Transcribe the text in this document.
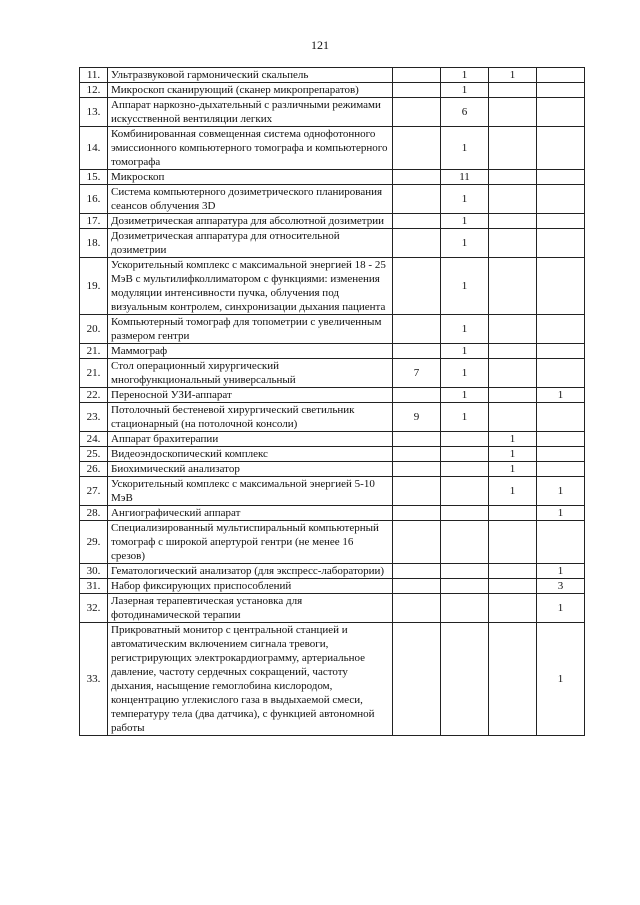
121
11.	Ультразвуковой гармонический скальпель		1	1	
12.	Микроскоп сканирующий (сканер микропрепаратов)		1		
13.	Аппарат наркозно-дыхательный с различными режимами искусственной вентиляции легких		6		
14.	Комбинированная совмещенная система однофотонного эмиссионного компьютерного томографа и компьютерного томографа		1		
15.	Микроскоп		11		
16.	Система компьютерного дозиметрического планирования сеансов облучения 3D		1		
17.	Дозиметрическая аппаратура для абсолютной дозиметрии		1		
18.	Дозиметрическая аппаратура для относительной дозиметрии		1		
19.	Ускорительный комплекс с максимальной энергией 18 - 25 МэВ с мультилифколлиматором с функциями: изменения модуляции интенсивности пучка, облучения под визуальным контролем, синхронизации дыхания пациента		1		
20.	Компьютерный томограф для топометрии с увеличенным размером гентри		1		
21.	Маммограф		1		
21.	Стол операционный хирургический многофункциональный универсальный	7	1		
22.	Переносной УЗИ-аппарат		1		1
23.	Потолочный бестеневой хирургический светильник стационарный (на потолочной консоли)	9	1		
24.	Аппарат брахитерапии			1	
25.	Видеоэндоскопический комплекс			1	
26.	Биохимический анализатор			1	
27.	Ускорительный комплекс с максимальной энергией 5-10 МэВ			1	1
28.	Ангиографический аппарат				1
29.	Специализированный мультиспиральный компьютерный томограф с широкой апертурой гентри (не менее 16 срезов)				
30.	Гематологический анализатор (для экспресс-лаборатории)				1
31.	Набор фиксирующих приспособлений				3
32.	Лазерная терапевтическая установка для фотодинамической терапии				1
33.	Прикроватный монитор с центральной станцией и автоматическим включением сигнала тревоги, регистрирующих электрокардиограмму, артериальное давление, частоту сердечных сокращений, частоту дыхания, насыщение гемоглобина кислородом, концентрацию углекислого газа в выдыхаемой смеси, температуру тела (два датчика), с функцией автономной работы				1
